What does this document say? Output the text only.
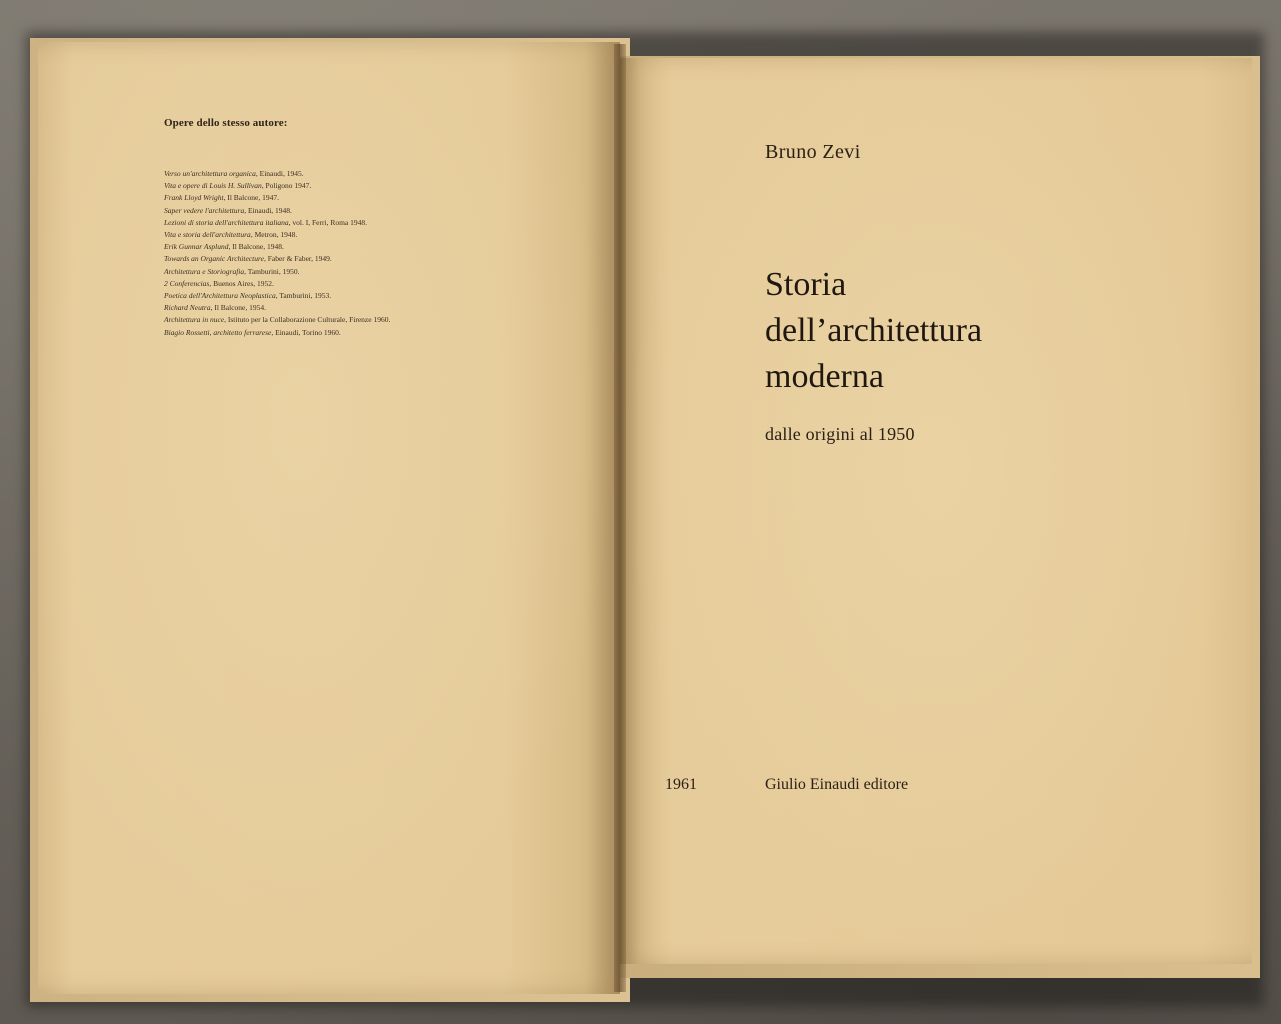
Opere dello stesso autore:
Verso un'architettura organica, Einaudi, 1945.
Vita e opere di Louis H. Sullivan, Poligono 1947.
Frank Lloyd Wright, Il Balcone, 1947.
Saper vedere l'architettura, Einaudi, 1948.
Lezioni di storia dell'architettura italiana, vol. I, Ferri, Roma 1948.
Vita e storia dell'architettura, Metron, 1948.
Erik Gunnar Asplund, Il Balcone, 1948.
Towards an Organic Architecture, Faber & Faber, 1949.
Architettura e Storiografia, Tamburini, 1950.
2 Conferencias, Buenos Aires, 1952.
Poetica dell'Architettura Neoplastica, Tamburini, 1953.
Richard Neutra, Il Balcone, 1954.
Architettura in nuce, Istituto per la Collaborazione Culturale, Firenze 1960.
Biagio Rossetti, architetto ferrarese, Einaudi, Torino 1960.
Bruno Zevi
Storia
dell’architettura
moderna
dalle origini al 1950
1961	Giulio Einaudi editore
